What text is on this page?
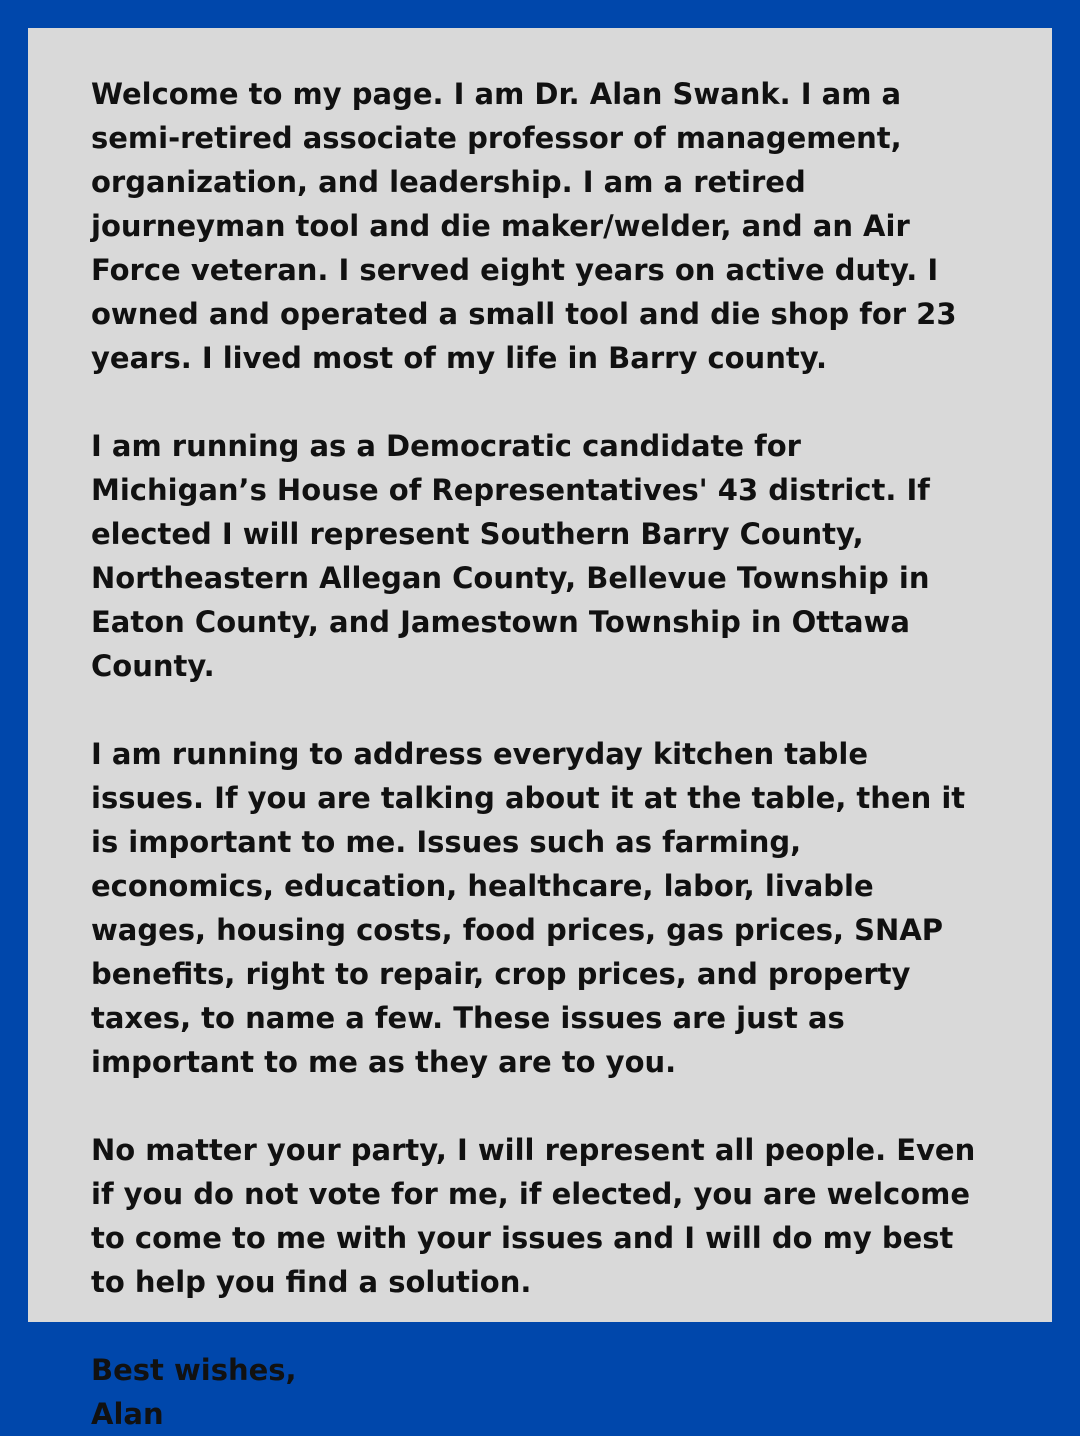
Welcome to my page. I am Dr. Alan Swank. I am a semi-retired associate professor of management, organization, and leadership. I am a retired journeyman tool and die maker/welder, and an Air Force veteran. I served eight years on active duty. I owned and operated a small tool and die shop for 23 years. I lived most of my life in Barry county.

I am running as a Democratic candidate for Michigan’s House of Representatives' 43 district. If elected I will represent Southern Barry County, Northeastern Allegan County, Bellevue Township in Eaton County, and Jamestown Township in Ottawa County.

I am running to address everyday kitchen table issues. If you are talking about it at the table, then it is important to me. Issues such as farming, economics, education, healthcare, labor, livable wages, housing costs, food prices, gas prices, SNAP benefits, right to repair, crop prices, and property taxes, to name a few. These issues are just as important to me as they are to you.

No matter your party, I will represent all people. Even if you do not vote for me, if elected, you are welcome to come to me with your issues and I will do my best to help you find a solution.

Best wishes,

Alan
